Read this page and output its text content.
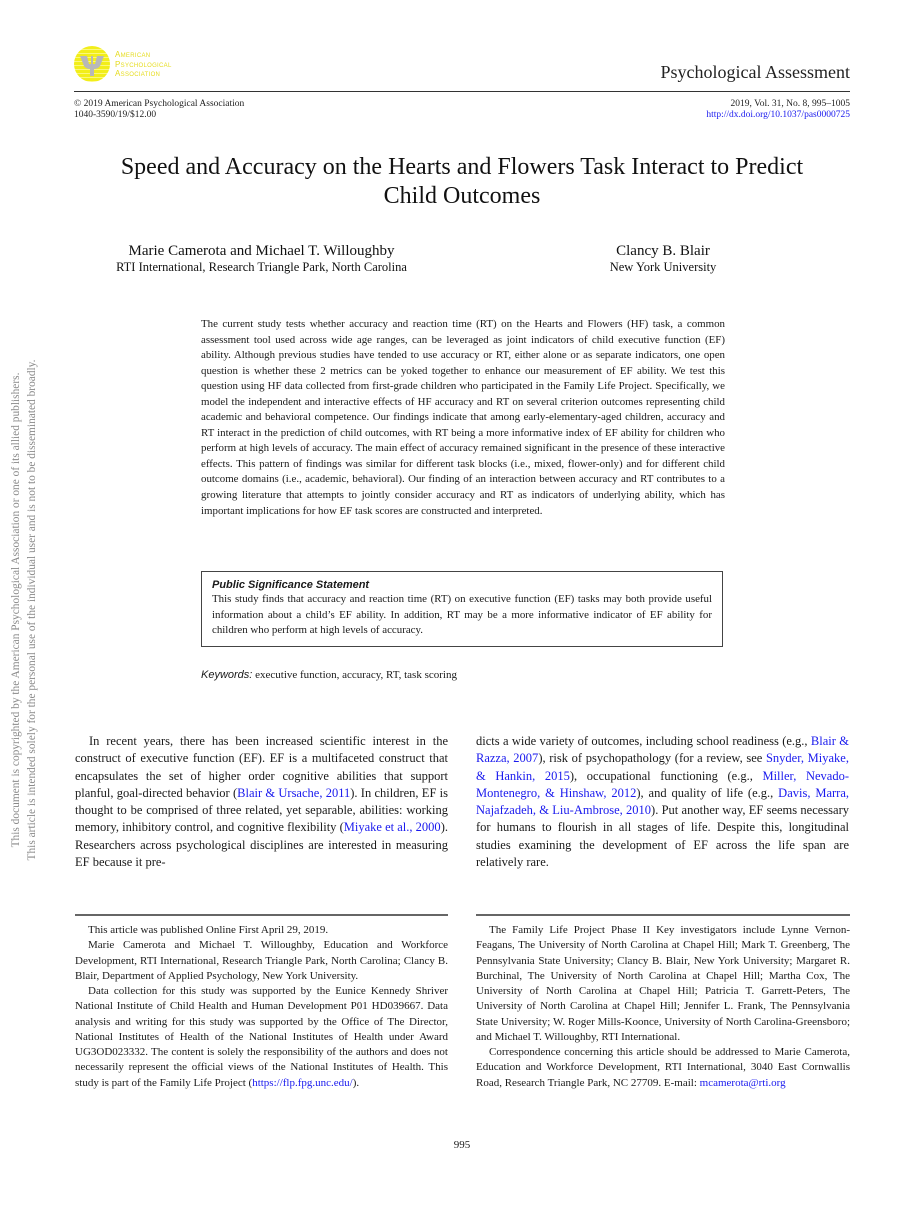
This document is copyrighted by the American Psychological Association or one of its allied publishers. This article is intended solely for the personal use of the individual user and is not to be disseminated broadly.
American
Psychological
Association	Psychological Assessment
© 2019 American Psychological Association
1040-3590/19/$12.00
2019, Vol. 31, No. 8, 995–1005
http://dx.doi.org/10.1037/pas0000725
Speed and Accuracy on the Hearts and Flowers Task Interact to Predict
Child Outcomes
Marie Camerota and Michael T. Willoughby
RTI International, Research Triangle Park, North Carolina
Clancy B. Blair
New York University
The current study tests whether accuracy and reaction time (RT) on the Hearts and Flowers (HF) task, a common assessment tool used across wide age ranges, can be leveraged as joint indicators of child executive function (EF) ability. Although previous studies have tended to use accuracy or RT, either alone or as separate indicators, one open question is whether these 2 metrics can be yoked together to enhance our measurement of EF ability. We test this question using HF data collected from first-grade children who participated in the Family Life Project. Specifically, we model the independent and interactive effects of HF accuracy and RT on several criterion outcomes representing child academic and behavioral competence. Our findings indicate that among early-elementary-aged children, accuracy and RT interact in the prediction of child outcomes, with RT being a more informative index of EF ability for children who perform at high levels of accuracy. The main effect of accuracy remained significant in the presence of these interactive effects. This pattern of findings was similar for different task blocks (i.e., mixed, flower-only) and for different child outcome domains (i.e., academic, behavioral). Our finding of an interaction between accuracy and RT contributes to a growing literature that attempts to jointly consider accuracy and RT as indicators of underlying ability, which has important implications for how EF task scores are constructed and interpreted.
Public Significance Statement
This study finds that accuracy and reaction time (RT) on executive function (EF) tasks may both provide useful information about a child’s EF ability. In addition, RT may be a more informative indicator of EF ability for children who perform at high levels of accuracy.
Keywords: executive function, accuracy, RT, task scoring

In recent years, there has been increased scientific interest in the construct of executive function (EF). EF is a multifaceted construct that encapsulates the set of higher order cognitive abilities that support planful, goal-directed behavior (Blair & Ursache, 2011). In children, EF is thought to be comprised of three related, yet separable, abilities: working memory, inhibitory control, and cognitive flexibility (Miyake et al., 2000). Researchers across psychological disciplines are interested in measuring EF because it pre-

dicts a wide variety of outcomes, including school readiness (e.g., Blair & Razza, 2007), risk of psychopathology (for a review, see Snyder, Miyake, & Hankin, 2015), occupational functioning (e.g., Miller, Nevado-Montenegro, & Hinshaw, 2012), and quality of life (e.g., Davis, Marra, Najafzadeh, & Liu-Ambrose, 2010). Put another way, EF seems necessary for humans to flourish in all stages of life. Despite this, longitudinal studies examining the development of EF across the life span are relatively rare.

This article was published Online First April 29, 2019.

Marie Camerota and Michael T. Willoughby, Education and Workforce Development, RTI International, Research Triangle Park, North Carolina; Clancy B. Blair, Department of Applied Psychology, New York University.

Data collection for this study was supported by the Eunice Kennedy Shriver National Institute of Child Health and Human Development P01 HD039667. Data analysis and writing for this study was supported by the Office of The Director, National Institutes of Health of the National Institutes of Health under Award UG3OD023332. The content is solely the responsibility of the authors and does not necessarily represent the official views of the National Institutes of Health. This study is part of the Family Life Project (https://flp.fpg.unc.edu/).

The Family Life Project Phase II Key investigators include Lynne Vernon-Feagans, The University of North Carolina at Chapel Hill; Mark T. Greenberg, The Pennsylvania State University; Clancy B. Blair, New York University; Margaret R. Burchinal, The University of North Carolina at Chapel Hill; Martha Cox, The University of North Carolina at Chapel Hill; Patricia T. Garrett-Peters, The University of North Carolina at Chapel Hill; Jennifer L. Frank, The Pennsylvania State University; W. Roger Mills-Koonce, University of North Carolina-Greensboro; and Michael T. Willoughby, RTI International.

Correspondence concerning this article should be addressed to Marie Camerota, Education and Workforce Development, RTI International, 3040 East Cornwallis Road, Research Triangle Park, NC 27709. E-mail: mcamerota@rti.org

995
